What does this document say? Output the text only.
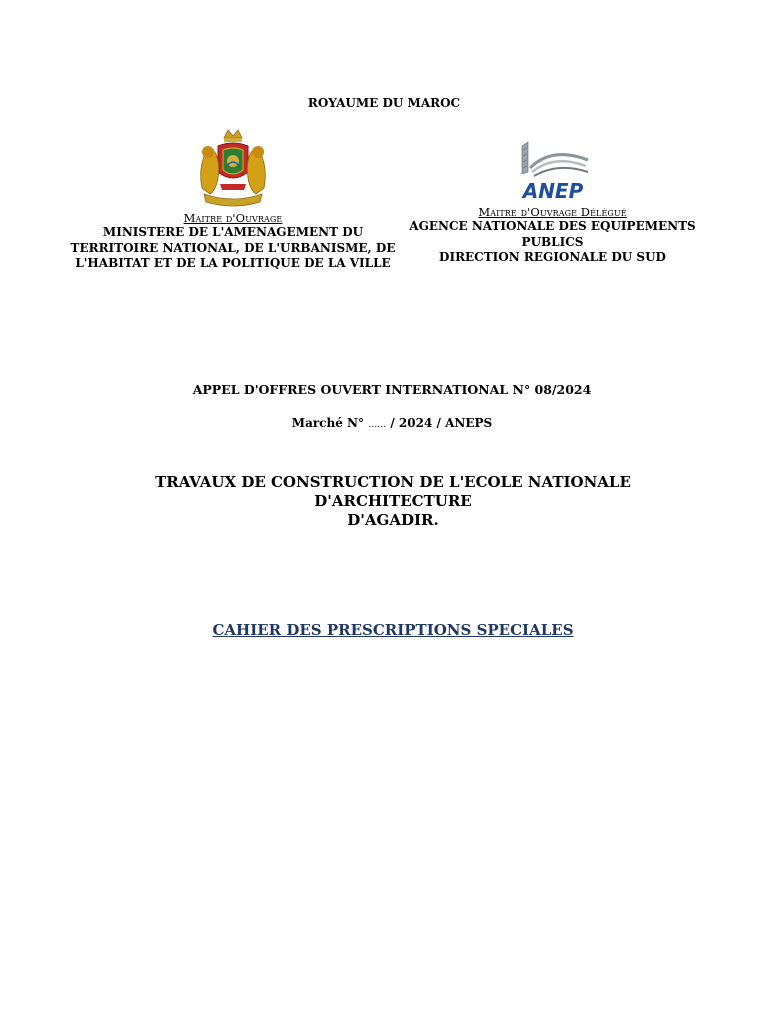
ROYAUME DU MAROC
Maitre d'Ouvrage
MINISTERE DE L'AMENAGEMENT DU
TERRITOIRE NATIONAL, DE L'URBANISME, DE
L'HABITAT ET DE LA POLITIQUE DE LA VILLE
ANEP
Maitre d'Ouvrage Délégué
AGENCE NATIONALE DES EQUIPEMENTS
PUBLICS
DIRECTION REGIONALE DU SUD
APPEL D'OFFRES OUVERT INTERNATIONAL N° 08/2024
Marché N° …… / 2024 / ANEPS
TRAVAUX DE CONSTRUCTION DE L'ECOLE NATIONALE D'ARCHITECTURE
D'AGADIR.
CAHIER DES PRESCRIPTIONS SPECIALES
